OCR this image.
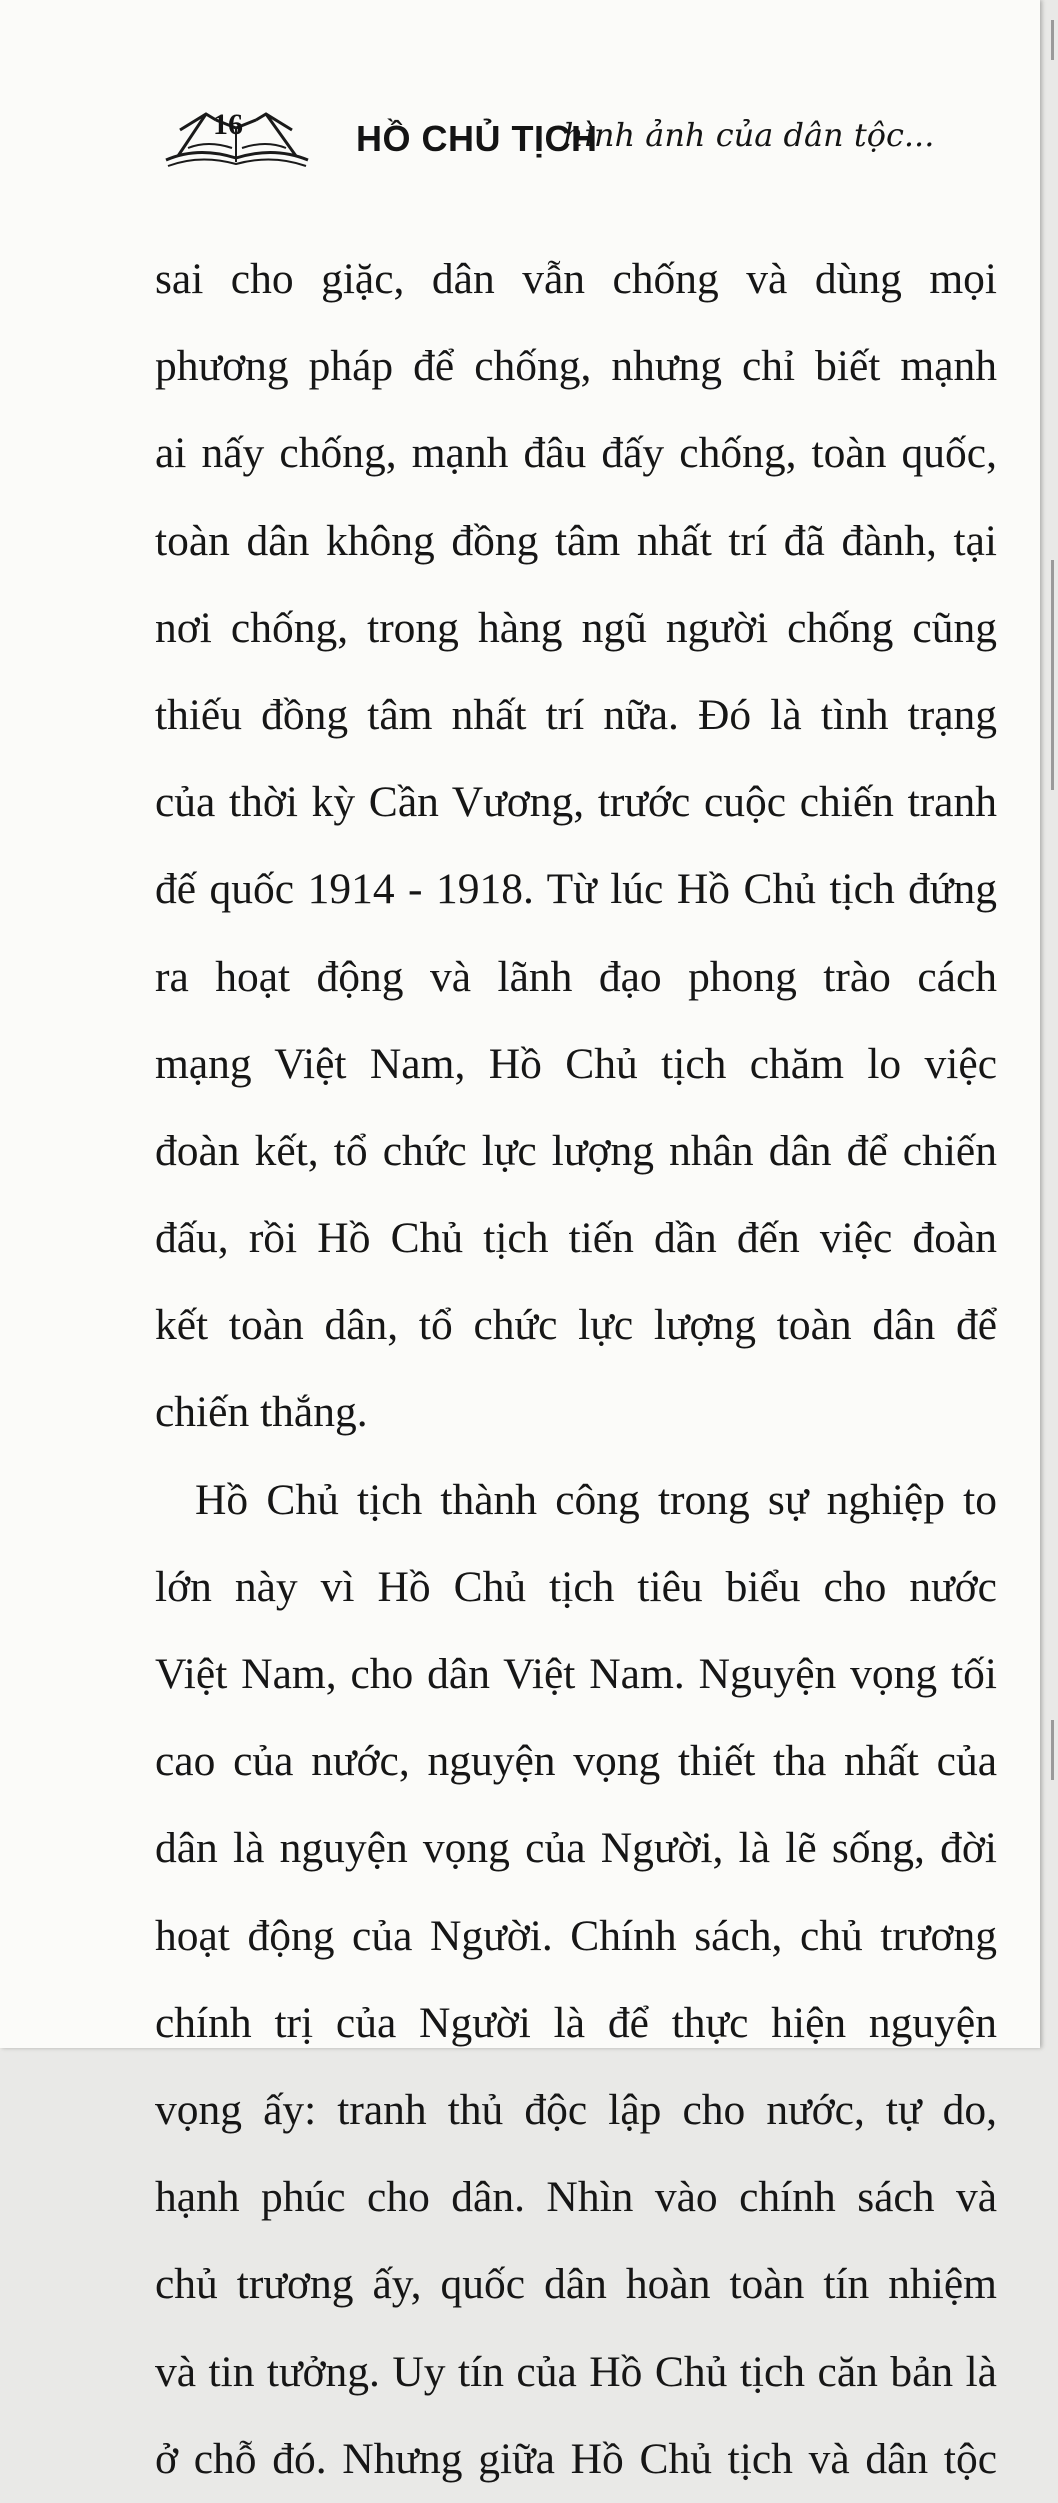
16	HỒ CHỦ TỊCH
hình ảnh của dân tộc...
sai cho giặc, dân vẫn chống và dùng mọi
phương pháp để chống, nhưng chỉ biết mạnh
ai nấy chống, mạnh đâu đấy chống, toàn quốc,
toàn dân không đồng tâm nhất trí đã đành, tại
nơi chống, trong hàng ngũ người chống cũng
thiếu đồng tâm nhất trí nữa. Đó là tình trạng
của thời kỳ Cần Vương, trước cuộc chiến tranh
đế quốc 1914 - 1918. Từ lúc Hồ Chủ tịch đứng
ra hoạt động và lãnh đạo phong trào cách
mạng Việt Nam, Hồ Chủ tịch chăm lo việc
đoàn kết, tổ chức lực lượng nhân dân để chiến
đấu, rồi Hồ Chủ tịch tiến dần đến việc đoàn
kết toàn dân, tổ chức lực lượng toàn dân để
chiến thắng.
Hồ Chủ tịch thành công trong sự nghiệp to
lớn này vì Hồ Chủ tịch tiêu biểu cho nước
Việt Nam, cho dân Việt Nam. Nguyện vọng tối
cao của nước, nguyện vọng thiết tha nhất của
dân là nguyện vọng của Người, là lẽ sống, đời
hoạt động của Người. Chính sách, chủ trương
chính trị của Người là để thực hiện nguyện
vọng ấy: tranh thủ độc lập cho nước, tự do,
hạnh phúc cho dân. Nhìn vào chính sách và
chủ trương ấy, quốc dân hoàn toàn tín nhiệm
và tin tưởng. Uy tín của Hồ Chủ tịch căn bản là
ở chỗ đó. Nhưng giữa Hồ Chủ tịch và dân tộc
